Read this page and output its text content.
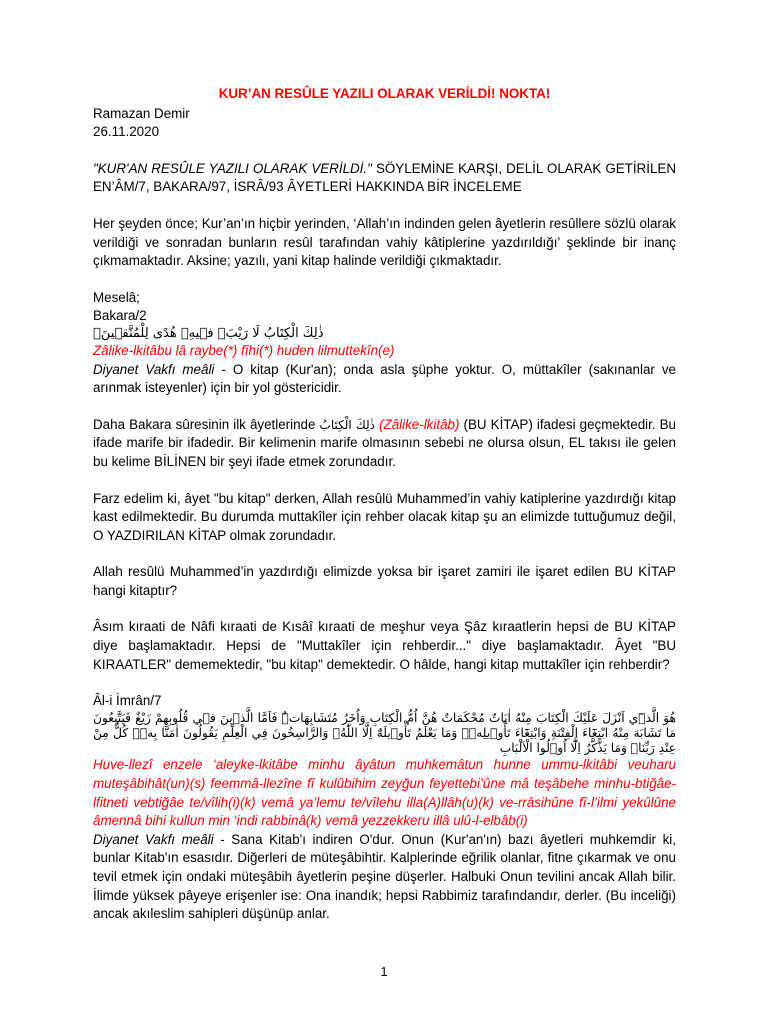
KUR’AN RESÛLE YAZILI OLARAK VERİLDİ! NOKTA!

Ramazan Demir

26.11.2020

"KUR'AN RESÛLE YAZILI OLARAK VERİLDİ." SÖYLEMİNE KARŞI, DELİL OLARAK GETİRİLEN EN’ÂM/7, BAKARA/97, İSRÂ/93 ÂYETLERİ HAKKINDA BİR İNCELEME

Her şeyden önce; Kur’an’ın hiçbir yerinden, ‘Allah’ın indinden gelen âyetlerin resûllere sözlü olarak verildiği ve sonradan bunların resûl tarafından vahiy kâtiplerine yazdırıldığı’ şeklinde bir inanç çıkmamaktadır. Aksine; yazılı, yani kitap halinde verildiği çıkmaktadır.

Meselâ;

Bakara/2

ذٰلِكَ الْكِتَابُ لَا رَيْبَۚ ف۪يهِۚ هُدًى لِلْمُتَّق۪ينَۙ

Zâlike-lkitâbu lâ raybe(*) fîhi(*) huden lilmuttekîn(e)

Diyanet Vakfı meâli - O kitap (Kur'an); onda asla şüphe yoktur. O, müttakîler (sakınanlar ve arınmak isteyenler) için bir yol göstericidir.

Daha Bakara sûresinin ilk âyetlerinde ذٰلِكَ الْكِتَابُ (Zâlike-lkitâb) (BU KİTAP) ifadesi geçmektedir. Bu ifade marife bir ifadedir. Bir kelimenin marife olmasının sebebi ne olursa olsun, EL takısı ile gelen bu kelime BİLİNEN bir şeyi ifade etmek zorundadır.

Farz edelim ki, âyet "bu kitap" derken, Allah resûlü Muhammed’in vahiy katiplerine yazdırdığı kitap kast edilmektedir. Bu durumda muttakîler için rehber olacak kitap şu an elimizde tuttuğumuz değil, O YAZDIRILAN KİTAP olmak zorundadır.

Allah resûlü Muhammed’in yazdırdığı elimizde yoksa bir işaret zamiri ile işaret edilen BU KİTAP hangi kitaptır?

Âsım kıraati de Nâfi kıraati de Kısâî kıraati de meşhur veya Şâz kıraatlerin hepsi de BU KİTAP diye başlamaktadır. Hepsi de "Muttakîler için rehberdir..." diye başlamaktadır. Âyet "BU KIRAATLER" dememektedir, "bu kitap" demektedir. O hâlde, hangi kitap muttakîler için rehberdir?

Âl-i İmrân/7

هُوَ الَّذ۪ٓي اَنْزَلَ عَلَيْكَ الْكِتَابَ مِنْهُ اٰيَاتٌ مُحْكَمَاتٌ هُنَّ اُمُّ الْكِتَابِ وَاُخَرُ مُتَشَابِهَاتٌۜ فَاَمَّا الَّذ۪ينَ ف۪ي قُلُوبِهِمْ زَيْغٌ فَيَتَّبِعُونَ مَا تَشَابَهَ مِنْهُ ابْتِغَٓاءَ الْفِتْنَةِ وَابْتِغَٓاءَ تَأْو۪يلِه۪ۚ وَمَا يَعْلَمُ تَأْو۪يلَهُٓ اِلَّا اللّٰهُۢ وَالرَّاسِخُونَ فِي الْعِلْمِ يَقُولُونَ اٰمَنَّا بِه۪ۙ كُلٌّ مِنْ عِنْدِ رَبِّنَاۚ وَمَا يَذَّكَّرُ اِلَّٓا اُو۬لُوا الْاَلْبَابِ

Huve-llezî enzele ‘aleyke-lkitâbe minhu âyâtun muhkemâtun hunne ummu-lkitâbi veuharu muteşâbihât(un)(s) feemmâ-llezîne fî kulûbihim zeyğun feyettebi’ûne mâ teşâbehe minhu-btiğâe-lfitneti vebtiğâe te/vîlih(i)(k) vemâ ya’lemu te/vîlehu illa(A)llâh(u)(k) ve-rrâsihûne fî-l’ilmi yekûlûne âmennâ bihi kullun min ‘indi rabbinâ(k) vemâ yezzekkeru illâ ulû-l-elbâb(i)

Diyanet Vakfı meâli - Sana Kitab'ı indiren O'dur. Onun (Kur'an'ın) bazı âyetleri muhkemdir ki, bunlar Kitab'ın esasıdır. Diğerleri de müteşâbihtir. Kalplerinde eğrilik olanlar, fitne çıkarmak ve onu tevil etmek için ondaki müteşâbih âyetlerin peşine düşerler. Halbuki Onun tevilini ancak Allah bilir. İlimde yüksek pâyeye erişenler ise: Ona inandık; hepsi Rabbimiz tarafındandır, derler. (Bu inceliği) ancak akıleslim sahipleri düşünüp anlar.

1
